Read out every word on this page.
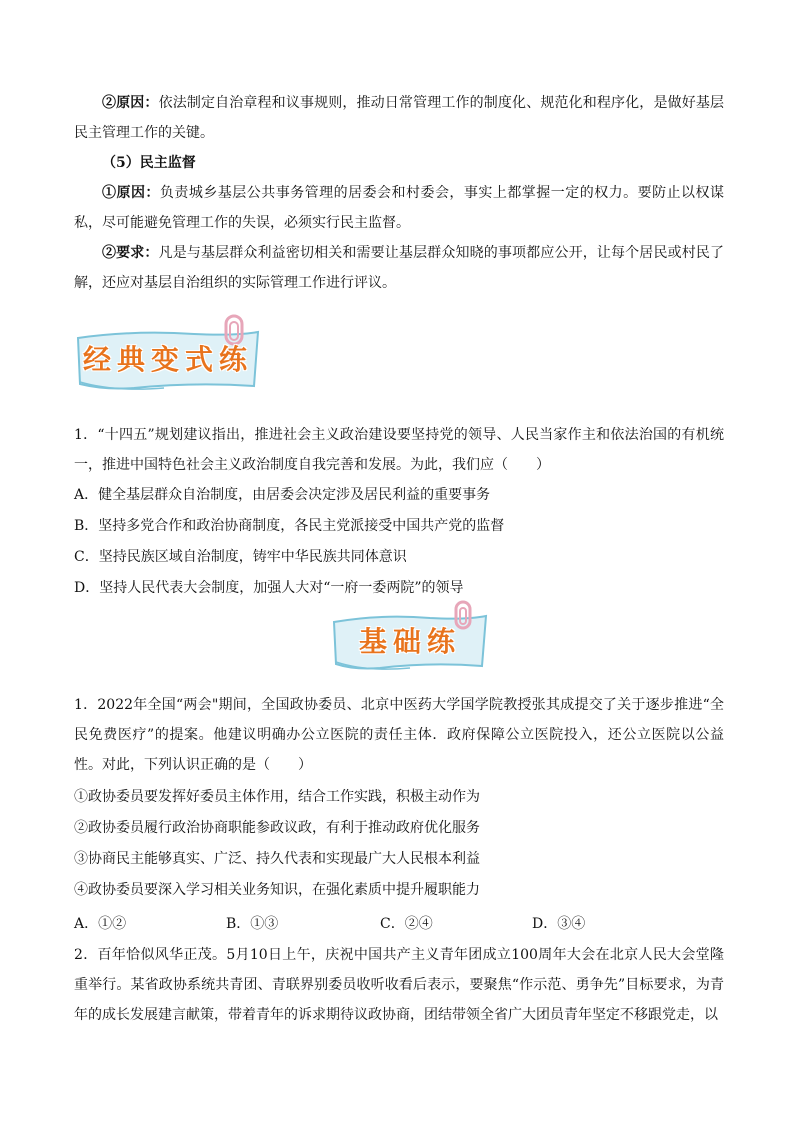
②原因：依法制定自治章程和议事规则，推动日常管理工作的制度化、规范化和程序化，是做好基层民主管理工作的关键。

（5）民主监督

①原因：负责城乡基层公共事务管理的居委会和村委会，事实上都掌握一定的权力。要防止以权谋私，尽可能避免管理工作的失误，必须实行民主监督。

②要求：凡是与基层群众利益密切相关和需要让基层群众知晓的事项都应公开，让每个居民或村民了解，还应对基层自治组织的实际管理工作进行评议。

经典变式练

1．“十四五”规划建议指出，推进社会主义政治建设要坚持党的领导、人民当家作主和依法治国的有机统一，推进中国特色社会主义政治制度自我完善和发展。为此，我们应（　　）

A．健全基层群众自治制度，由居委会决定涉及居民利益的重要事务

B．坚持多党合作和政治协商制度，各民主党派接受中国共产党的监督

C．坚持民族区域自治制度，铸牢中华民族共同体意识

D．坚持人民代表大会制度，加强人大对“一府一委两院”的领导

基础练

1．2022年全国“两会"期间，全国政协委员、北京中医药大学国学院教授张其成提交了关于逐步推进“全民免费医疗”的提案。他建议明确办公立医院的责任主体．政府保障公立医院投入，还公立医院以公益性。对此，下列认识正确的是（　　）

①政协委员要发挥好委员主体作用，结合工作实践，积极主动作为

②政协委员履行政治协商职能参政议政，有利于推动政府优化服务

③协商民主能够真实、广泛、持久代表和实现最广大人民根本利益

④政协委员要深入学习相关业务知识，在强化素质中提升履职能力

A．①②	B．①③	C．②④	D．③④

2．百年恰似风华正茂。5月10日上午，庆祝中国共产主义青年团成立100周年大会在北京人民大会堂隆重举行。某省政协系统共青团、青联界别委员收听收看后表示，要聚焦“作示范、勇争先”目标要求，为青年的成长发展建言献策，带着青年的诉求期待议政协商，团结带领全省广大团员青年坚定不移跟党走，以
